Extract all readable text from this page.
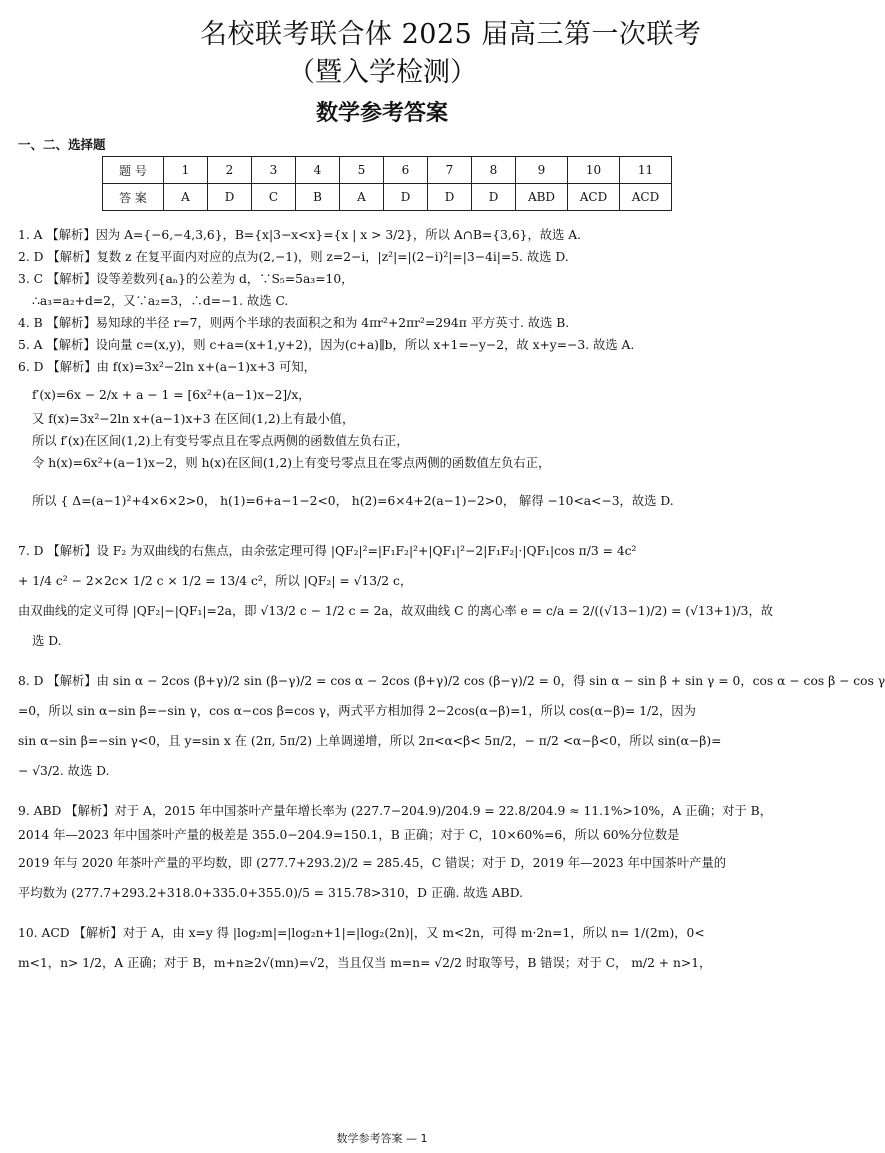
名校联考联合体 2025 届高三第一次联考
（暨入学检测）
数学参考答案
一、二、选择题
题 号	1	2	3	4	5	6	7	8	9	10	11
答 案	A	D	C	B	A	D	D	D	ABD	ACD	ACD
1. A 【解析】因为 A={−6,−4,3,6}，B={x|3−x<x}={x | x > 3/2}，所以 A∩B={3,6}，故选 A.
2. D 【解析】复数 z 在复平面内对应的点为(2,−1)，则 z=2−i，|z²|=|(2−i)²|=|3−4i|=5. 故选 D.
3. C 【解析】设等差数列{aₙ}的公差为 d，∵S₅=5a₃=10，
∴a₃=a₂+d=2，又∵a₂=3，∴d=−1. 故选 C.
4. B 【解析】易知球的半径 r=7，则两个半球的表面积之和为 4πr²+2πr²=294π 平方英寸. 故选 B.
5. A 【解析】设向量 c=(x,y)，则 c+a=(x+1,y+2)，因为(c+a)∥b，所以 x+1=−y−2，故 x+y=−3. 故选 A.
6. D 【解析】由 f(x)=3x²−2ln x+(a−1)x+3 可知，
f′(x)=6x − 2/x + a − 1 = [6x²+(a−1)x−2]/x，
又 f(x)=3x²−2ln x+(a−1)x+3 在区间(1,2)上有最小值，
所以 f′(x)在区间(1,2)上有变号零点且在零点两侧的函数值左负右正，
令 h(x)=6x²+(a−1)x−2，则 h(x)在区间(1,2)上有变号零点且在零点两侧的函数值左负右正，
所以 { Δ=(a−1)²+4×6×2>0， h(1)=6+a−1−2<0， h(2)=6×4+2(a−1)−2>0， 解得 −10<a<−3，故选 D.
7. D 【解析】设 F₂ 为双曲线的右焦点，由余弦定理可得 |QF₂|²=|F₁F₂|²+|QF₁|²−2|F₁F₂|·|QF₁|cos π/3 = 4c²
+ 1/4 c² − 2×2c× 1/2 c × 1/2 = 13/4 c²，所以 |QF₂| = √13/2 c，
由双曲线的定义可得 |QF₂|−|QF₁|=2a，即 √13/2 c − 1/2 c = 2a，故双曲线 C 的离心率 e = c/a = 2/((√13−1)/2) = (√13+1)/3，故
选 D.
8. D 【解析】由 sin α − 2cos (β+γ)/2 sin (β−γ)/2 = cos α − 2cos (β+γ)/2 cos (β−γ)/2 = 0，得 sin α − sin β + sin γ = 0，cos α − cos β − cos γ
=0，所以 sin α−sin β=−sin γ，cos α−cos β=cos γ，两式平方相加得 2−2cos(α−β)=1，所以 cos(α−β)= 1/2，因为
sin α−sin β=−sin γ<0，且 y=sin x 在 (2π, 5π/2) 上单调递增，所以 2π<α<β< 5π/2，− π/2 <α−β<0，所以 sin(α−β)=
− √3/2. 故选 D.
9. ABD 【解析】对于 A，2015 年中国茶叶产量年增长率为 (227.7−204.9)/204.9 = 22.8/204.9 ≈ 11.1%>10%，A 正确；对于 B，
2014 年—2023 年中国茶叶产量的极差是 355.0−204.9=150.1，B 正确；对于 C，10×60%=6，所以 60%分位数是
2019 年与 2020 年茶叶产量的平均数，即 (277.7+293.2)/2 = 285.45，C 错误；对于 D，2019 年—2023 年中国茶叶产量的
平均数为 (277.7+293.2+318.0+335.0+355.0)/5 = 315.78>310，D 正确. 故选 ABD.
10. ACD 【解析】对于 A，由 x=y 得 |log₂m|=|log₂n+1|=|log₂(2n)|，又 m<2n，可得 m·2n=1，所以 n= 1/(2m)，0<
m<1，n> 1/2，A 正确；对于 B，m+n≥2√(mn)=√2，当且仅当 m=n= √2/2 时取等号，B 错误；对于 C， m/2 + n>1，
数学参考答案 — 1
